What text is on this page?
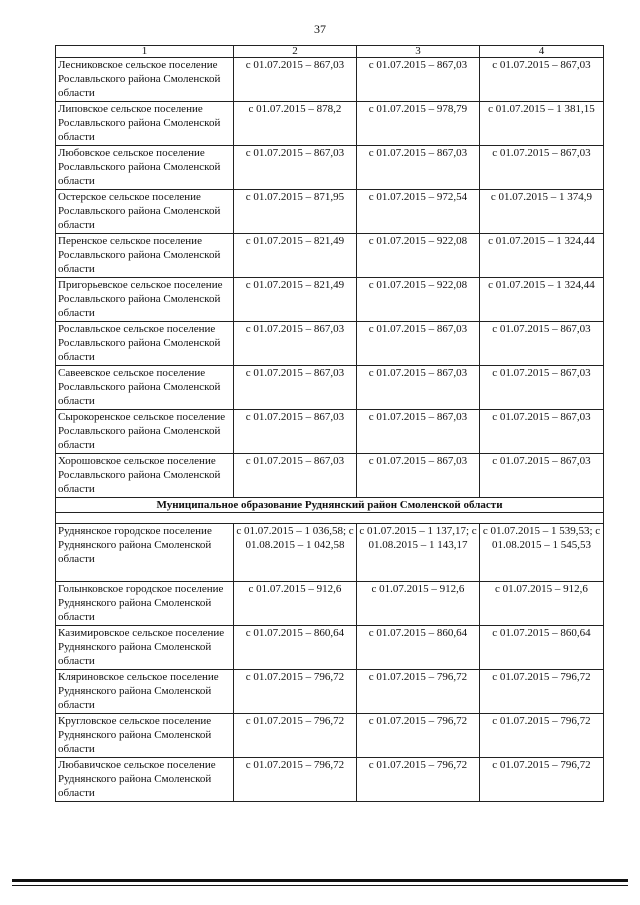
37
1	2	3	4
Лесниковское сельское поселение Рославльского района Смоленской области	с 01.07.2015 – 867,03	с 01.07.2015 – 867,03	с 01.07.2015 – 867,03
Липовское сельское поселение Рославльского района Смоленской области	с 01.07.2015 – 878,2	с 01.07.2015 – 978,79	с 01.07.2015 – 1 381,15
Любовское сельское поселение Рославльского района Смоленской области	с 01.07.2015 – 867,03	с 01.07.2015 – 867,03	с 01.07.2015 – 867,03
Остерское сельское поселение Рославльского района Смоленской области	с 01.07.2015 – 871,95	с 01.07.2015 – 972,54	с 01.07.2015 – 1 374,9
Перенское сельское поселение Рославльского района Смоленской области	с 01.07.2015 – 821,49	с 01.07.2015 – 922,08	с 01.07.2015 – 1 324,44
Пригорьевское сельское поселение Рославльского района Смоленской области	с 01.07.2015 – 821,49	с 01.07.2015 – 922,08	с 01.07.2015 – 1 324,44
Рославльское сельское поселение Рославльского района Смоленской области	с 01.07.2015 – 867,03	с 01.07.2015 – 867,03	с 01.07.2015 – 867,03
Савеевское сельское поселение Рославльского района Смоленской области	с 01.07.2015 – 867,03	с 01.07.2015 – 867,03	с 01.07.2015 – 867,03
Сырокоренское сельское поселение Рославльского района Смоленской области	с 01.07.2015 – 867,03	с 01.07.2015 – 867,03	с 01.07.2015 – 867,03
Хорошовское сельское поселение Рославльского района Смоленской области	с 01.07.2015 – 867,03	с 01.07.2015 – 867,03	с 01.07.2015 – 867,03
Муниципальное образование Руднянский район Смоленской области			

Руднянское городское поселение Руднянского района Смоленской области	с 01.07.2015 – 1 036,58; с 01.08.2015 – 1 042,58	с 01.07.2015 – 1 137,17; с 01.08.2015 – 1 143,17	с 01.07.2015 – 1 539,53; с 01.08.2015 – 1 545,53
Голынковское городское поселение Руднянского района Смоленской области	с 01.07.2015 – 912,6	с 01.07.2015 – 912,6	с 01.07.2015 – 912,6
Казимировское сельское поселение Руднянского района Смоленской области	с 01.07.2015 – 860,64	с 01.07.2015 – 860,64	с 01.07.2015 – 860,64
Кляриновское сельское поселение Руднянского района Смоленской области	с 01.07.2015 – 796,72	с 01.07.2015 – 796,72	с 01.07.2015 – 796,72
Кругловское сельское поселение Руднянского района Смоленской области	с 01.07.2015 – 796,72	с 01.07.2015 – 796,72	с 01.07.2015 – 796,72
Любавичское сельское поселение Руднянского района Смоленской области	с 01.07.2015 – 796,72	с 01.07.2015 – 796,72	с 01.07.2015 – 796,72
